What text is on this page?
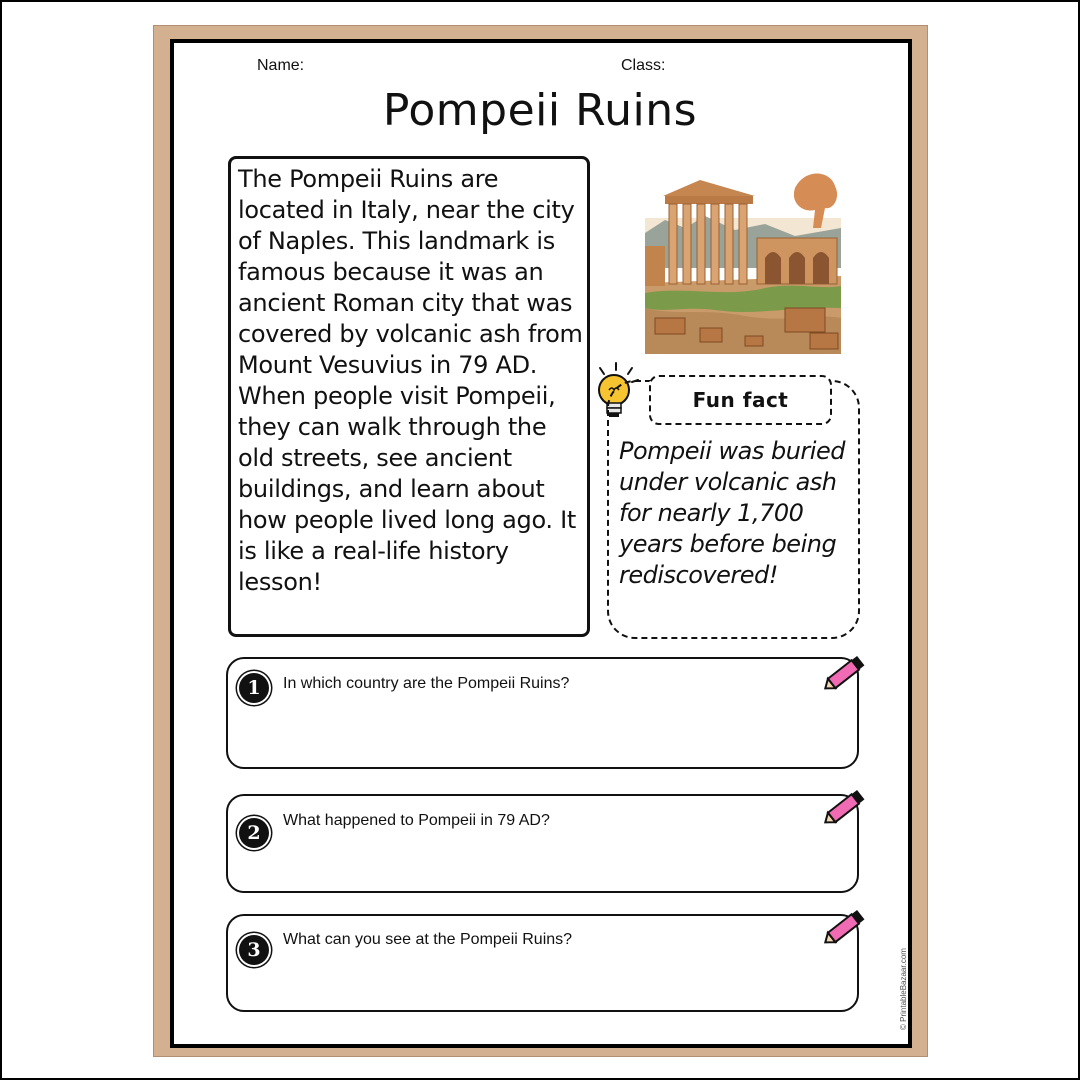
Name:	Class:
Pompeii Ruins
The Pompeii Ruins are located in Italy, near the city of Naples. This landmark is famous because it was an ancient Roman city that was covered by volcanic ash from Mount Vesuvius in 79 AD. When people visit Pompeii, they can walk through the old streets, see ancient buildings, and learn about how people lived long ago. It is like a real-life history lesson!
Fun fact
Pompeii was buried under volcanic ash for nearly 1,700 years before being rediscovered!
1	In which country are the Pompeii Ruins?
2
What happened to Pompeii in 79 AD?
3	What can you see at the Pompeii Ruins?
© PrintableBazaar.com
